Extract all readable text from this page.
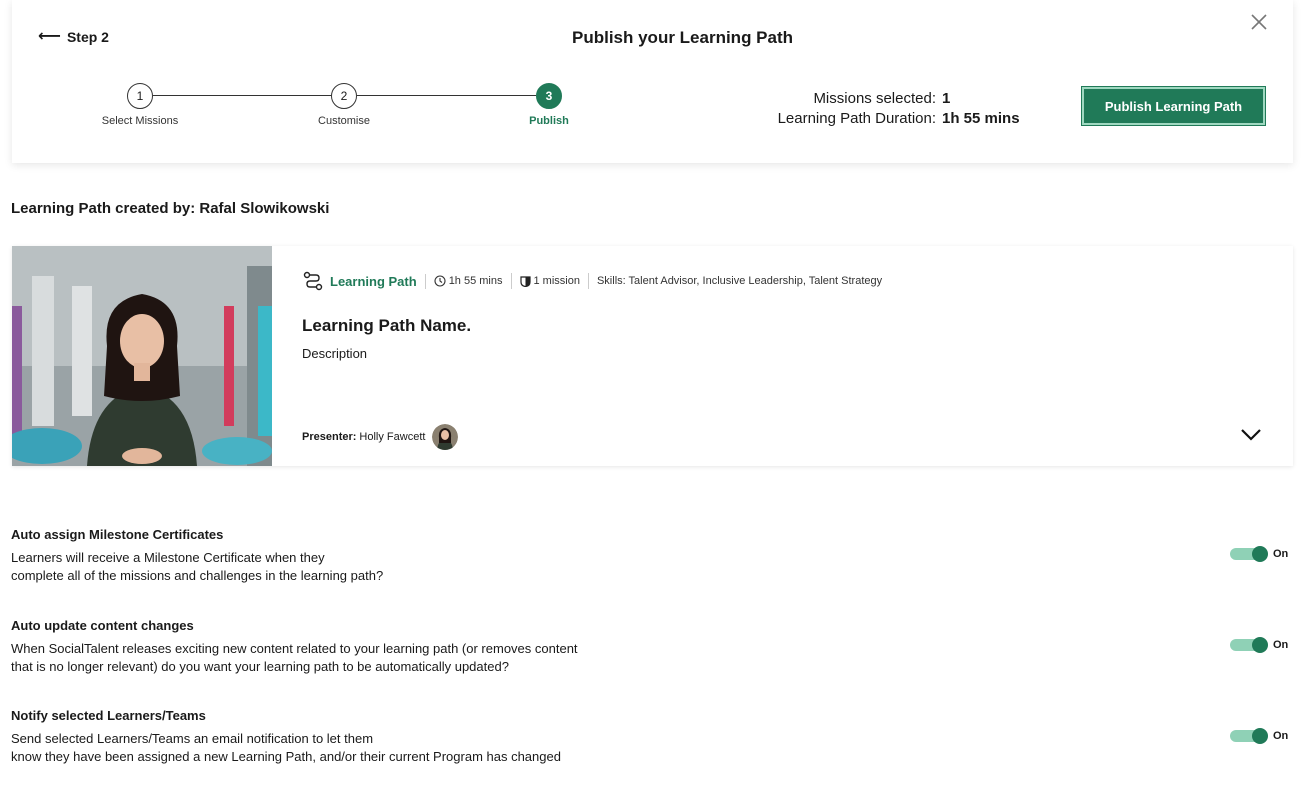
⟵ Step 2	Publish your Learning Path
1
Select Missions
2
Customise
3
Publish
Missions selected: 1
Learning Path Duration: 1h 55 mins
Publish Learning Path
Learning Path created by: Rafal Slowikowski
Learning Path	1h 55 mins	1 mission	Skills: Talent Advisor, Inclusive Leadership, Talent Strategy
Learning Path Name.
Description
Presenter: Holly Fawcett
Auto assign Milestone Certificates
Learners will receive a Milestone Certificate when they
complete all of the missions and challenges in the learning path?
On
Auto update content changes
When SocialTalent releases exciting new content related to your learning path (or removes content
that is no longer relevant) do you want your learning path to be automatically updated?
On
Notify selected Learners/Teams
Send selected Learners/Teams an email notification to let them
know they have been assigned a new Learning Path, and/or their current Program has changed
On
